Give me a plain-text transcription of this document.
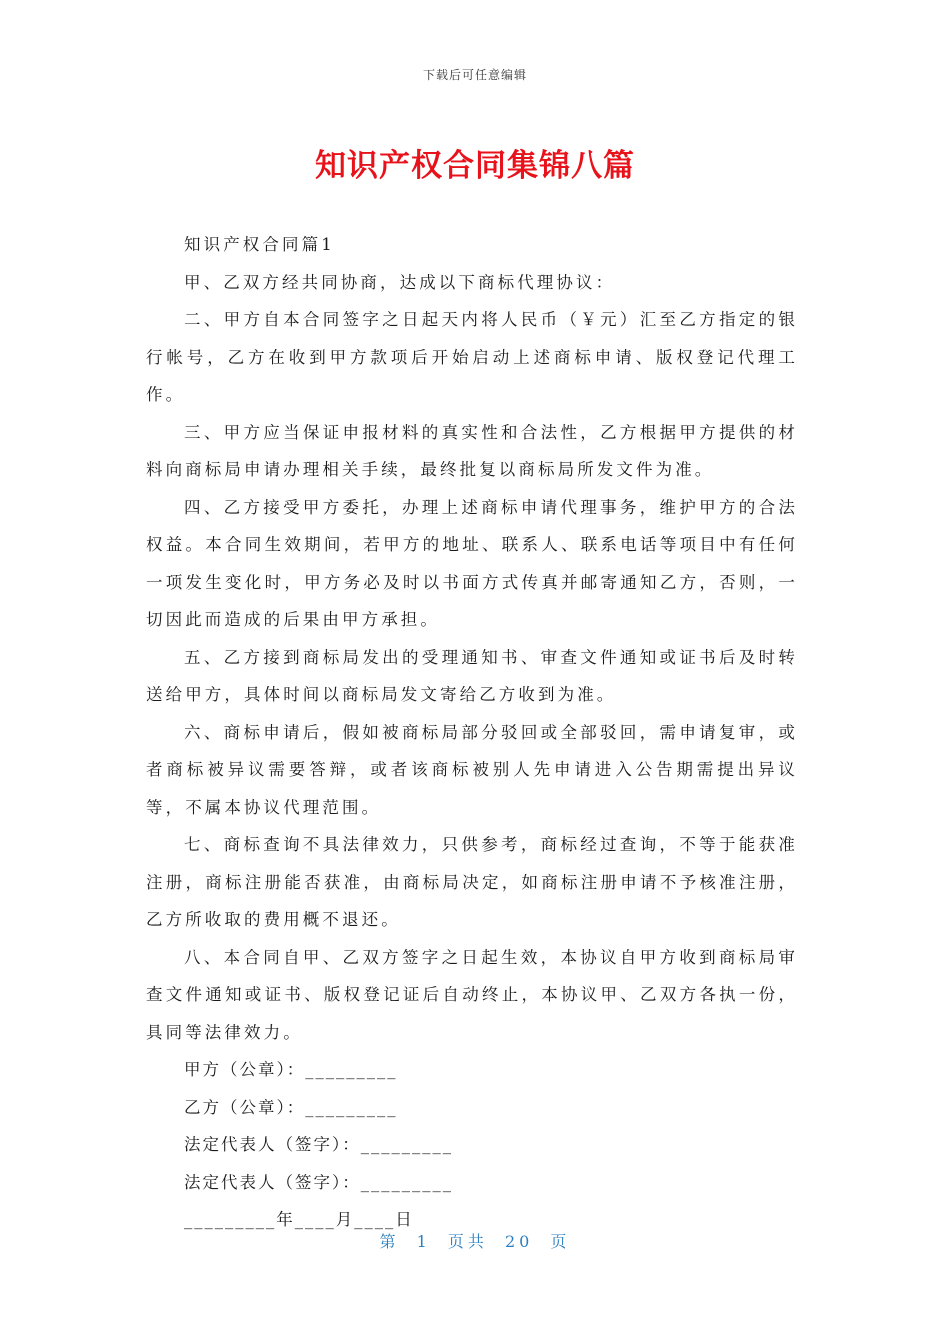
下载后可任意编辑
知识产权合同集锦八篇

知识产权合同篇1

甲、乙双方经共同协商，达成以下商标代理协议：

二、甲方自本合同签字之日起天内将人民币（￥元）汇至乙方指定的银行帐号，乙方在收到甲方款项后开始启动上述商标申请、版权登记代理工作。

三、甲方应当保证申报材料的真实性和合法性，乙方根据甲方提供的材料向商标局申请办理相关手续，最终批复以商标局所发文件为准。

四、乙方接受甲方委托，办理上述商标申请代理事务，维护甲方的合法权益。本合同生效期间，若甲方的地址、联系人、联系电话等项目中有任何一项发生变化时，甲方务必及时以书面方式传真并邮寄通知乙方，否则，一切因此而造成的后果由甲方承担。

五、乙方接到商标局发出的受理通知书、审查文件通知或证书后及时转送给甲方，具体时间以商标局发文寄给乙方收到为准。

六、商标申请后，假如被商标局部分驳回或全部驳回，需申请复审，或者商标被异议需要答辩，或者该商标被别人先申请进入公告期需提出异议等，不属本协议代理范围。

七、商标查询不具法律效力，只供参考，商标经过查询，不等于能获准注册，商标注册能否获准，由商标局决定，如商标注册申请不予核准注册，乙方所收取的费用概不退还。

八、本合同自甲、乙双方签字之日起生效，本协议自甲方收到商标局审查文件通知或证书、版权登记证后自动终止，本协议甲、乙双方各执一份，具同等法律效力。

甲方（公章）：_________

乙方（公章）：_________

法定代表人（签字）：_________

法定代表人（签字）：_________

_________年____月____日

第 1 页共 20 页
